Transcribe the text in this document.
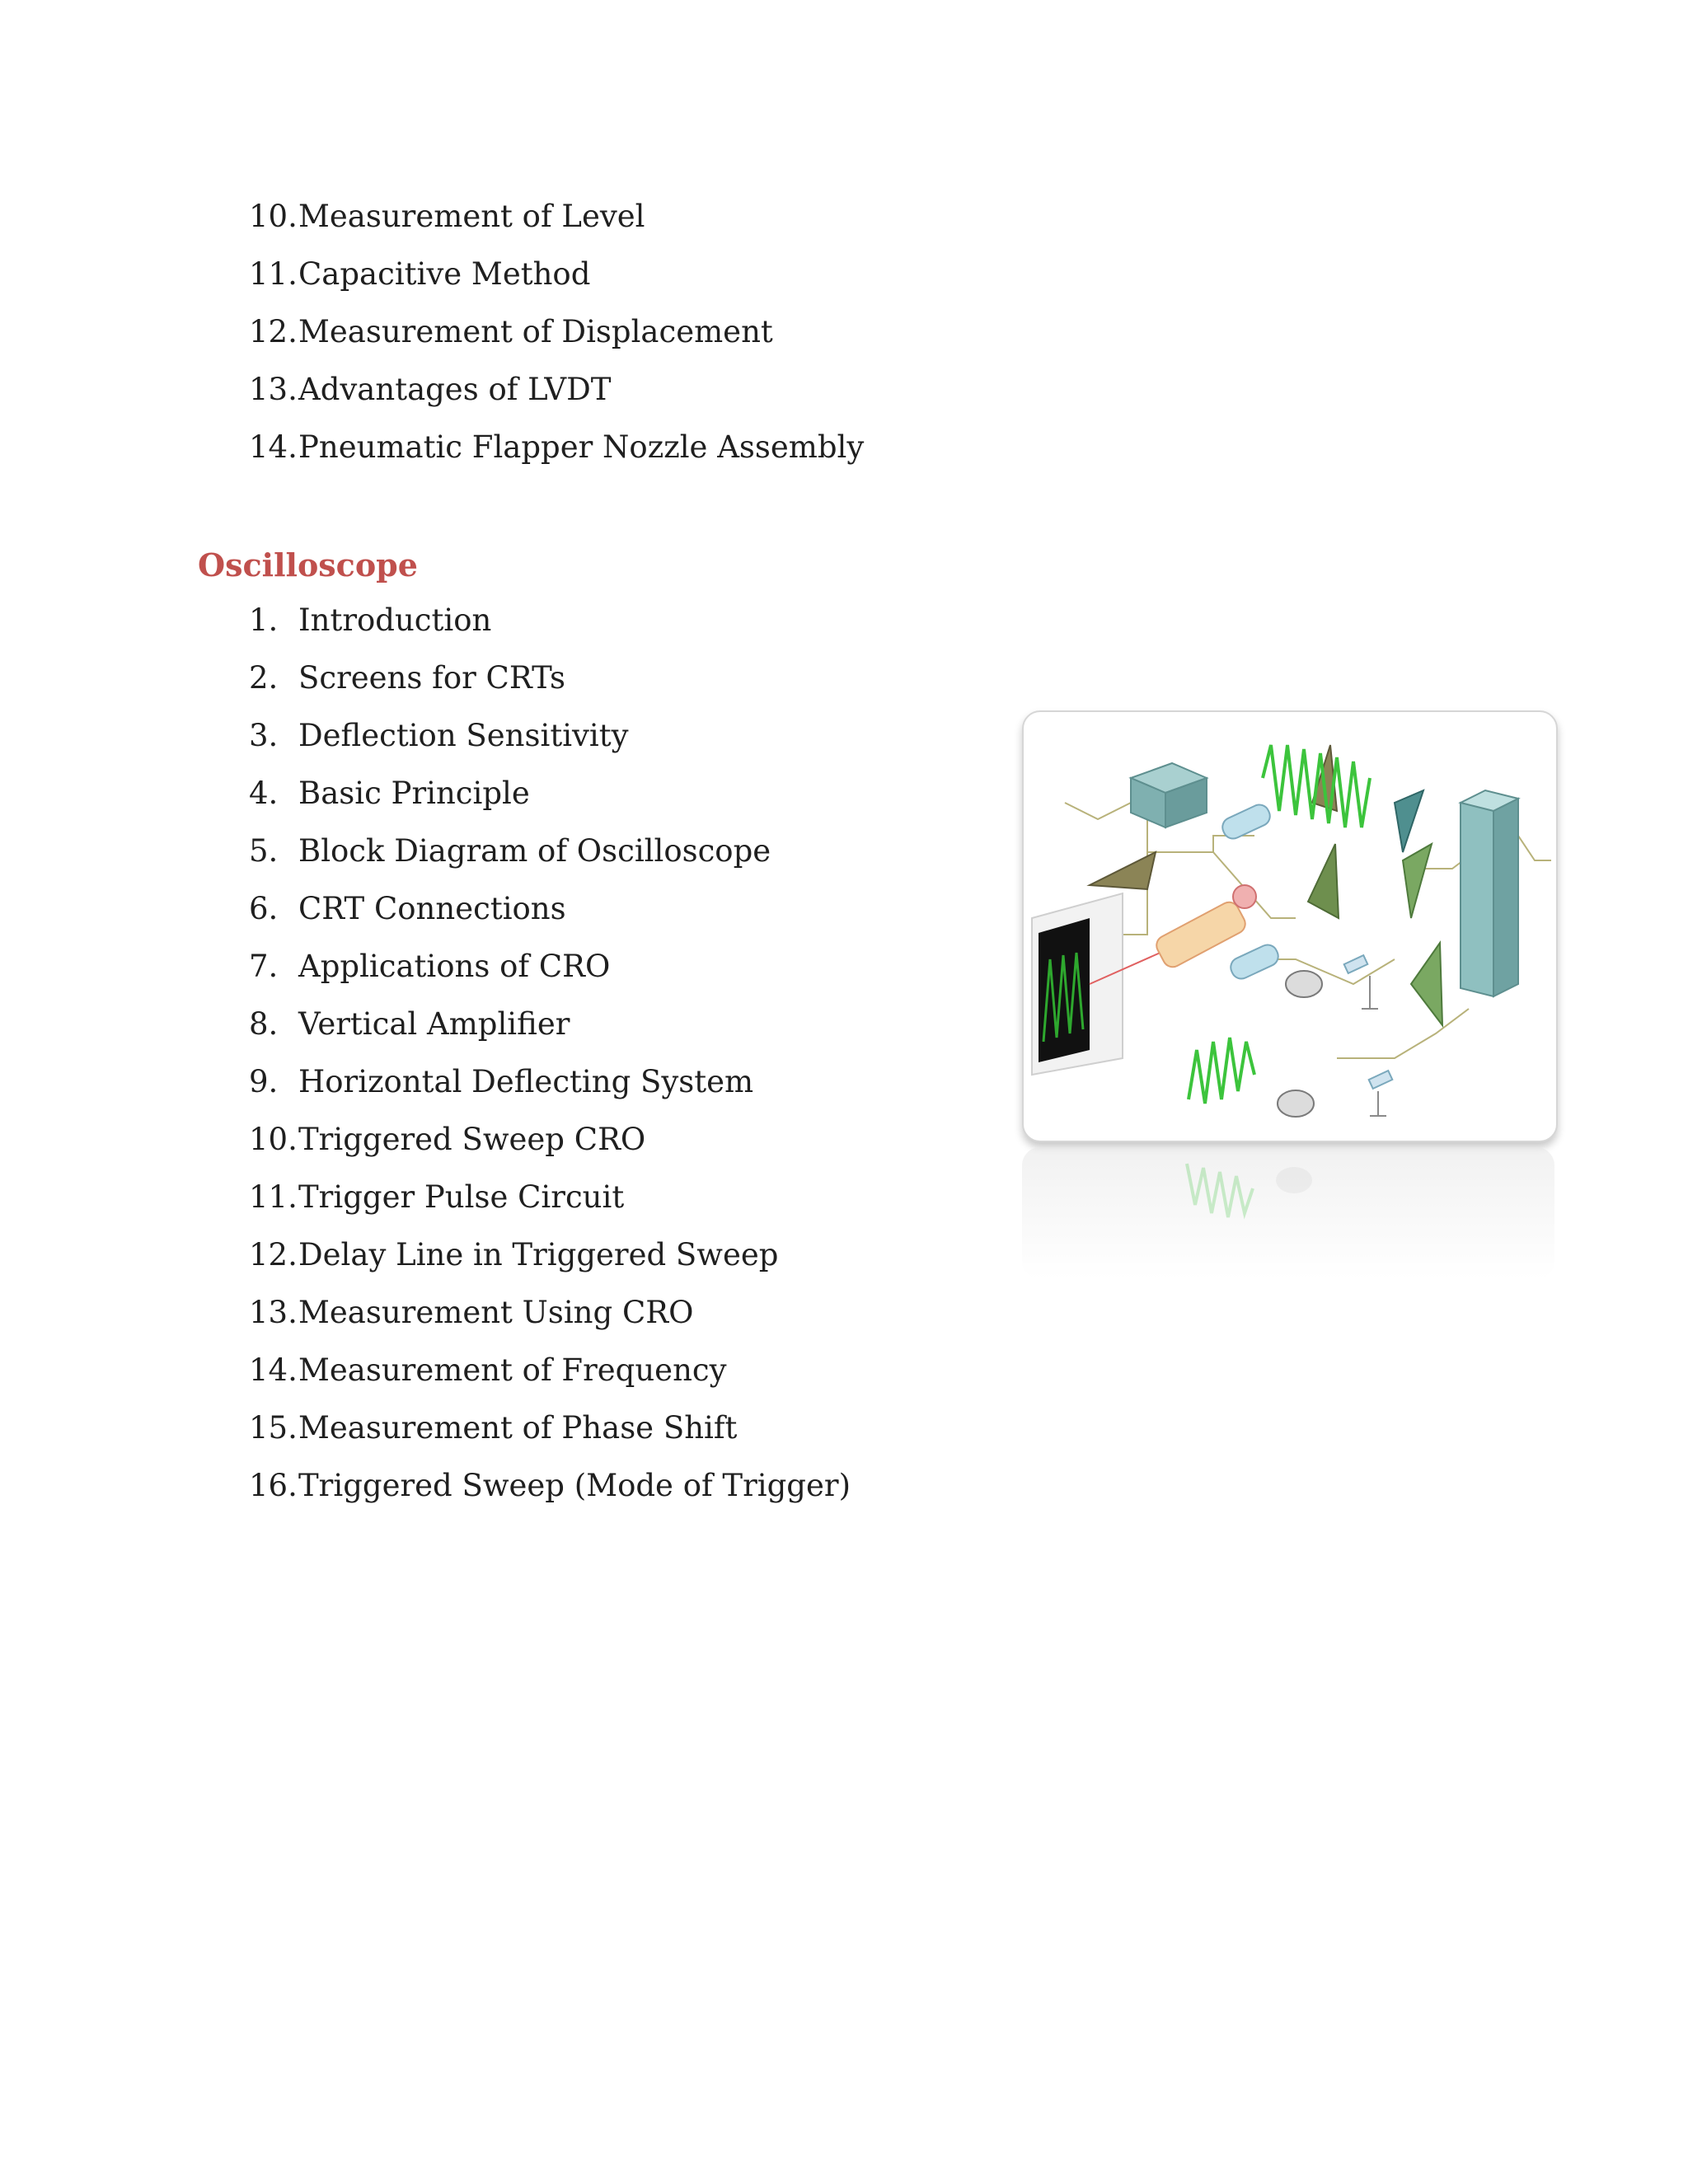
10. Measurement of Level
11. Capacitive Method
12. Measurement of Displacement
13. Advantages of LVDT
14. Pneumatic Flapper Nozzle Assembly
Oscilloscope
1. Introduction
2. Screens for CRTs
3. Deflection Sensitivity
4. Basic Principle
5. Block Diagram of Oscilloscope
6. CRT Connections
7. Applications of CRO
8. Vertical Amplifier
9. Horizontal Deflecting System
10. Triggered Sweep CRO
11. Trigger Pulse Circuit
12. Delay Line in Triggered Sweep
13. Measurement Using CRO
14. Measurement of Frequency
15. Measurement of Phase Shift
16. Triggered Sweep (Mode of Trigger)
